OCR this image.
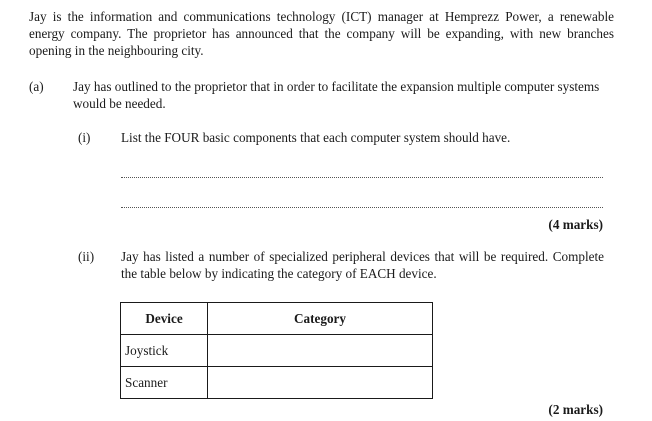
Jay is the information and communications technology (ICT) manager at Hemprezz Power, a renewable energy company. The proprietor has announced that the company will be expanding, with new branches opening in the neighbouring city.
(a) Jay has outlined to the proprietor that in order to facilitate the expansion multiple computer systems would be needed.
(i) List the FOUR basic components that each computer system should have.
(4 marks)
(ii) Jay has listed a number of specialized peripheral devices that will be required. Complete the table below by indicating the category of EACH device.
Device	Category
Joystick	
Scanner	
(2 marks)
